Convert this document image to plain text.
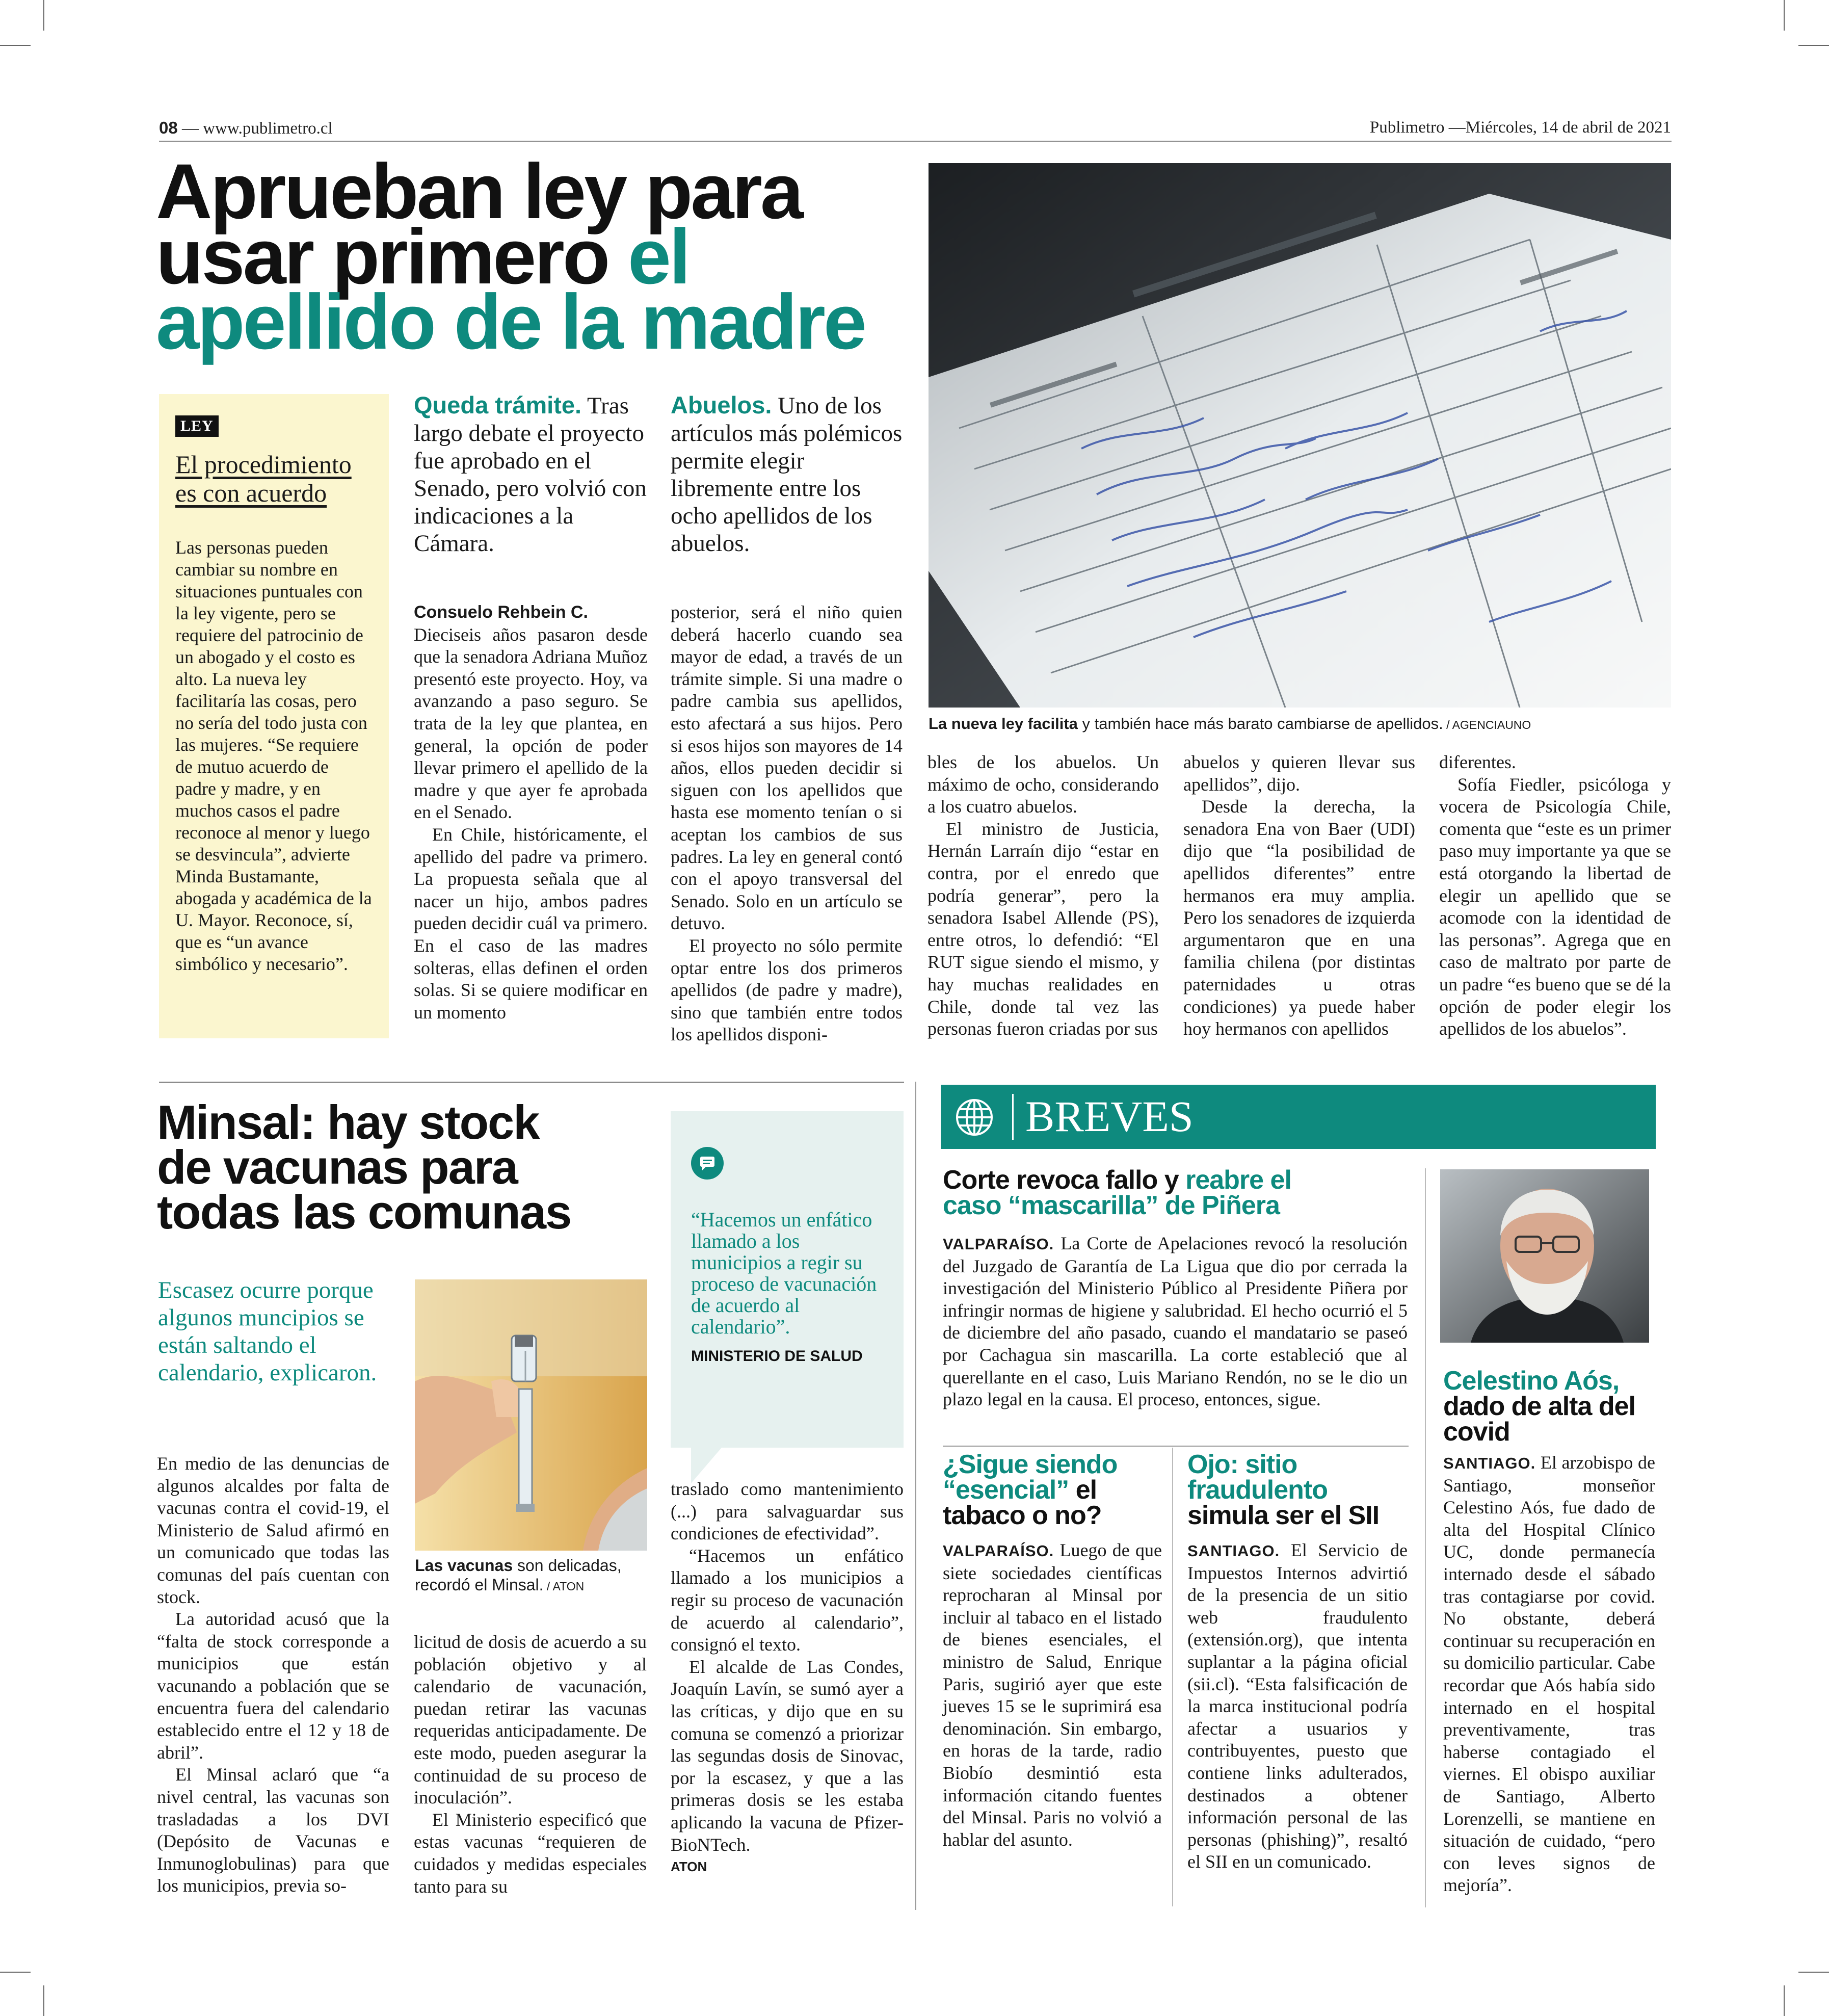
08 — www.publimetro.cl	Publimetro —Miércoles, 14 de abril de 2021
Aprueban ley para
usar primero el
apellido de la madre
La nueva ley facilita y también hace más barato cambiarse de apellidos. / AGENCIAUNO
LEY
El procedimiento es con acuerdo
Las personas pueden cambiar su nombre en situaciones puntuales con la ley vigente, pero se requiere del patrocinio de un abogado y el costo es alto. La nueva ley facilitaría las cosas, pero no sería del todo justa con las mujeres. “Se requiere de mutuo acuerdo de padre y madre, y en muchos casos el padre reconoce al menor y luego se desvincula”, advierte Minda Bustamante, abogada y académica de la U. Mayor. Reconoce, sí, que es “un avance simbólico y necesario”.
Queda trámite. Tras largo debate el proyecto fue aprobado en el Senado, pero volvió con indicaciones a la Cámara.
Abuelos. Uno de los artículos más polémicos permite elegir libremente entre los ocho apellidos de los abuelos.
Consuelo Rehbein C.

Dieciseis años pasaron desde que la senadora Adriana Muñoz presentó este proyecto. Hoy, va avanzando a paso seguro. Se trata de la ley que plantea, en general, la opción de poder llevar primero el apellido de la madre y que ayer fe aprobada en el Senado.

En Chile, históricamente, el apellido del padre va primero. La propuesta señala que al nacer un hijo, ambos padres pueden decidir cuál va primero. En el caso de las madres solteras, ellas definen el orden solas. Si se quiere modificar en un momento

posterior, será el niño quien deberá hacerlo cuando sea mayor de edad, a través de un trámite simple. Si una madre o padre cambia sus apellidos, esto afectará a sus hijos. Pero si esos hijos son mayores de 14 años, ellos pueden decidir si siguen con los apellidos que hasta ese momento tenían o si aceptan los cambios de sus padres. La ley en general contó con el apoyo transversal del Senado. Solo en un artículo se detuvo.

El proyecto no sólo permite optar entre los dos primeros apellidos (de padre y madre), sino que también entre todos los apellidos disponi-

bles de los abuelos. Un máximo de ocho, considerando a los cuatro abuelos.

El ministro de Justicia, Hernán Larraín dijo “estar en contra, por el enredo que podría generar”, pero la senadora Isabel Allende (PS), entre otros, lo defendió: “El RUT sigue siendo el mismo, y hay muchas realidades en Chile, donde tal vez las personas fueron criadas por sus

abuelos y quieren llevar sus apellidos”, dijo.

Desde la derecha, la senadora Ena von Baer (UDI) dijo que “la posibilidad de apellidos diferentes” entre hermanos era muy amplia. Pero los senadores de izquierda argumentaron que en una familia chilena (por distintas paternidades u otras condiciones) ya puede haber hoy hermanos con apellidos

diferentes.

Sofía Fiedler, psicóloga y vocera de Psicología Chile, comenta que “este es un primer paso muy importante ya que se está otorgando la libertad de elegir un apellido que se acomode con la identidad de las personas”. Agrega que en caso de maltrato por parte de un padre “es bueno que se dé la opción de poder elegir los apellidos de los abuelos”.

Minsal: hay stock
de vacunas para
todas las comunas
Escasez ocurre porque algunos muncipios se están saltando el calendario, explicaron.
“Hacemos un enfático llamado a los municipios a regir su proceso de vacunación de acuerdo al calendario”.
MINISTERIO DE SALUD
Las vacunas son delicadas, recordó el Minsal. / ATON

En medio de las denuncias de algunos alcaldes por falta de vacunas contra el covid-19, el Ministerio de Salud afirmó en un comunicado que todas las comunas del país cuentan con stock.

La autoridad acusó que la “falta de stock corresponde a municipios que están vacunando a población que se encuentra fuera del calendario establecido entre el 12 y 18 de abril”.

El Minsal aclaró que “a nivel central, las vacunas son trasladadas a los DVI (Depósito de Vacunas e Inmunoglobulinas) para que los municipios, previa so-

licitud de dosis de acuerdo a su población objetivo y al calendario de vacunación, puedan retirar las vacunas requeridas anticipadamente. De este modo, pueden asegurar la continuidad de su proceso de inoculación”.

El Ministerio especificó que estas vacunas “requieren de cuidados y medidas especiales tanto para su

traslado como mantenimiento (...) para salvaguardar sus condiciones de efectividad”.

“Hacemos un enfático llamado a los municipios a regir su proceso de vacunación de acuerdo al calendario”, consignó el texto.

El alcalde de Las Condes, Joaquín Lavín, se sumó ayer a las críticas, y dijo que en su comuna se comenzó a priorizar las segundas dosis de Sinovac, por la escasez, y que a las primeras dosis se les estaba aplicando la vacuna de Pfizer-BioNTech.

ATON
BREVES
Corte revoca fallo y reabre el
caso “mascarilla” de Piñera

VALPARAÍSO. La Corte de Apelaciones revocó la resolución del Juzgado de Garantía de La Ligua que dio por cerrada la investigación del Ministerio Público al Presidente Piñera por infringir normas de higiene y salubridad. El hecho ocurrió el 5 de diciembre del año pasado, cuando el mandatario se paseó por Cachagua sin mascarilla. La corte estableció que al querellante en el caso, Luis Mariano Rendón, no se le dio un plazo legal en la causa. El proceso, entonces, sigue.

¿Sigue siendo
“esencial” el tabaco o no?

VALPARAÍSO. Luego de que siete sociedades científicas reprocharan al Minsal por incluir al tabaco en el listado de bienes esenciales, el ministro de Salud, Enrique Paris, sugirió ayer que este jueves 15 se le suprimirá esa denominación. Sin embargo, en horas de la tarde, radio Biobío desmintió esta información citando fuentes del Minsal. Paris no volvió a hablar del asunto.

Ojo: sitio fraudulento simula ser el SII

SANTIAGO. El Servicio de Impuestos Internos advirtió de la presencia de un sitio web fraudulento (extensión.org), que intenta suplantar a la página oficial (sii.cl). “Esta falsificación de la marca institucional podría afectar a usuarios y contribuyentes, puesto que contiene links adulterados, destinados a obtener información personal de las personas (phishing)”, resaltó el SII en un comunicado.

Celestino Aós, dado de alta del covid

SANTIAGO. El arzobispo de Santiago, monseñor Celestino Aós, fue dado de alta del Hospital Clínico UC, donde permanecía internado desde el sábado tras contagiarse por covid. No obstante, deberá continuar su recuperación en su domicilio particular. Cabe recordar que Aós había sido internado en el hospital preventivamente, tras haberse contagiado el viernes. El obispo auxiliar de Santiago, Alberto Lorenzelli, se mantiene en situación de cuidado, “pero con leves signos de mejoría”.
